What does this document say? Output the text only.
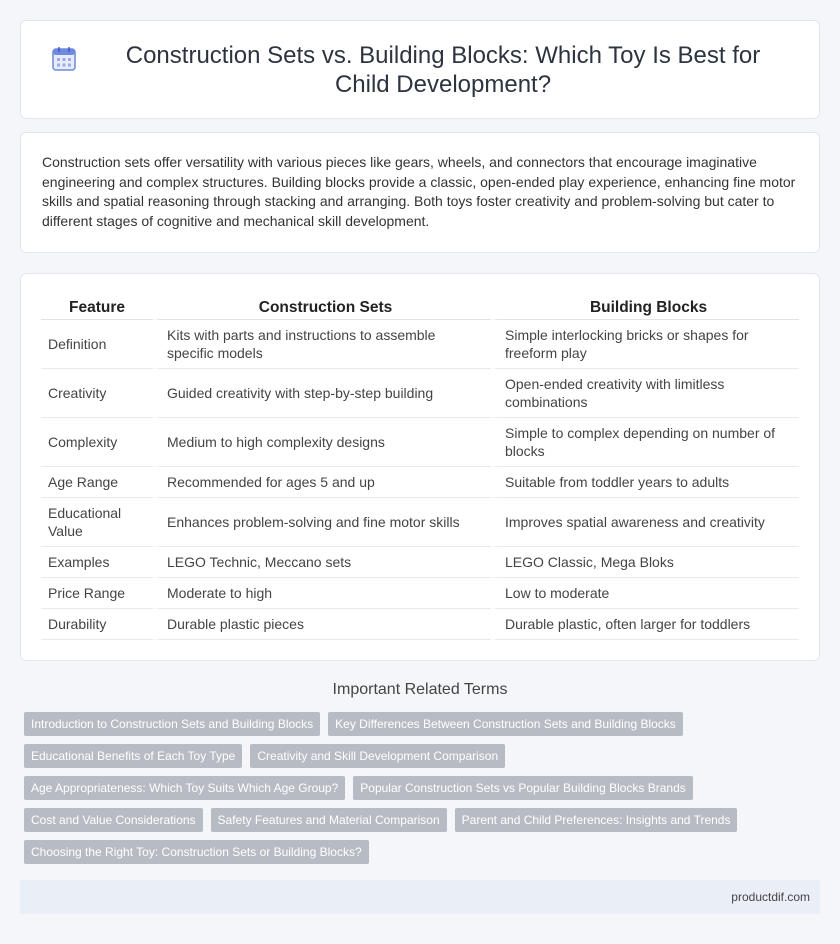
Construction Sets vs. Building Blocks: Which Toy Is Best for Child Development?

Construction sets offer versatility with various pieces like gears, wheels, and connectors that encourage imaginative engineering and complex structures. Building blocks provide a classic, open-ended play experience, enhancing fine motor skills and spatial reasoning through stacking and arranging. Both toys foster creativity and problem-solving but cater to different stages of cognitive and mechanical skill development.

Feature	Construction Sets	Building Blocks
Definition	Kits with parts and instructions to assemble specific models	Simple interlocking bricks or shapes for freeform play
Creativity	Guided creativity with step-by-step building	Open-ended creativity with limitless combinations
Complexity	Medium to high complexity designs	Simple to complex depending on number of blocks
Age Range	Recommended for ages 5 and up	Suitable from toddler years to adults
Educational Value	Enhances problem-solving and fine motor skills	Improves spatial awareness and creativity
Examples	LEGO Technic, Meccano sets	LEGO Classic, Mega Bloks
Price Range	Moderate to high	Low to moderate
Durability	Durable plastic pieces	Durable plastic, often larger for toddlers
Important Related Terms
Introduction to Construction Sets and Building Blocks	Key Differences Between Construction Sets and Building Blocks
Educational Benefits of Each Toy Type	Creativity and Skill Development Comparison
Age Appropriateness: Which Toy Suits Which Age Group?	Popular Construction Sets vs Popular Building Blocks Brands
Cost and Value Considerations	Safety Features and Material Comparison	Parent and Child Preferences: Insights and Trends
Choosing the Right Toy: Construction Sets or Building Blocks?
productdif.com
